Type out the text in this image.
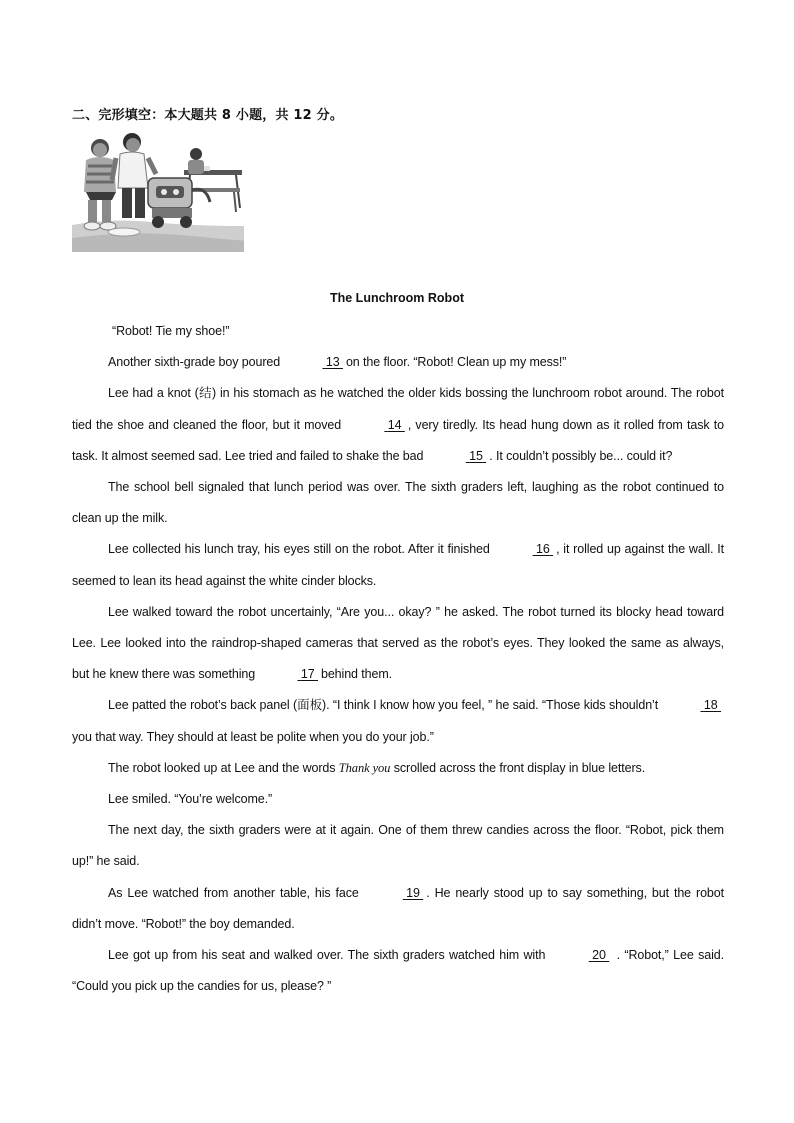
二、完形填空：本大题共 8 小题，共 12 分。
The Lunchroom Robot

“Robot! Tie my shoe!”

Another sixth-grade boy poured	13 on the floor. “Robot! Clean up my mess!”

Lee had a knot (结) in his stomach as he watched the older kids bossing the lunchroom robot around. The robot tied the shoe and cleaned the floor, but it moved	14 , very tiredly. Its head hung down as it rolled from task to task. It almost seemed sad. Lee tried and failed to shake the bad	15 . It couldn’t possibly be... could it?

The school bell signaled that lunch period was over. The sixth graders left, laughing as the robot continued to clean up the milk.

Lee collected his lunch tray, his eyes still on the robot. After it finished	16 , it rolled up against the wall. It seemed to lean its head against the white cinder blocks.

Lee walked toward the robot uncertainly, “Are you... okay? ” he asked. The robot turned its blocky head toward Lee. Lee looked into the raindrop-shaped cameras that served as the robot’s eyes. They looked the same as always, but he knew there was something	17 behind them.

Lee patted the robot’s back panel (面板). “I think I know how you feel, ” he said. “Those kids shouldn’t	18 you that way. They should at least be polite when you do your job.”

The robot looked up at Lee and the words Thank you scrolled across the front display in blue letters.

Lee smiled. “You’re welcome.”

The next day, the sixth graders were at it again. One of them threw candies across the floor. “Robot, pick them up!” he said.

As Lee watched from another table, his face	19 . He nearly stood up to say something, but the robot didn’t move. “Robot!” the boy demanded.

Lee got up from his seat and walked over. The sixth graders watched him with	20 . “Robot,” Lee said. “Could you pick up the candies for us, please? ”
